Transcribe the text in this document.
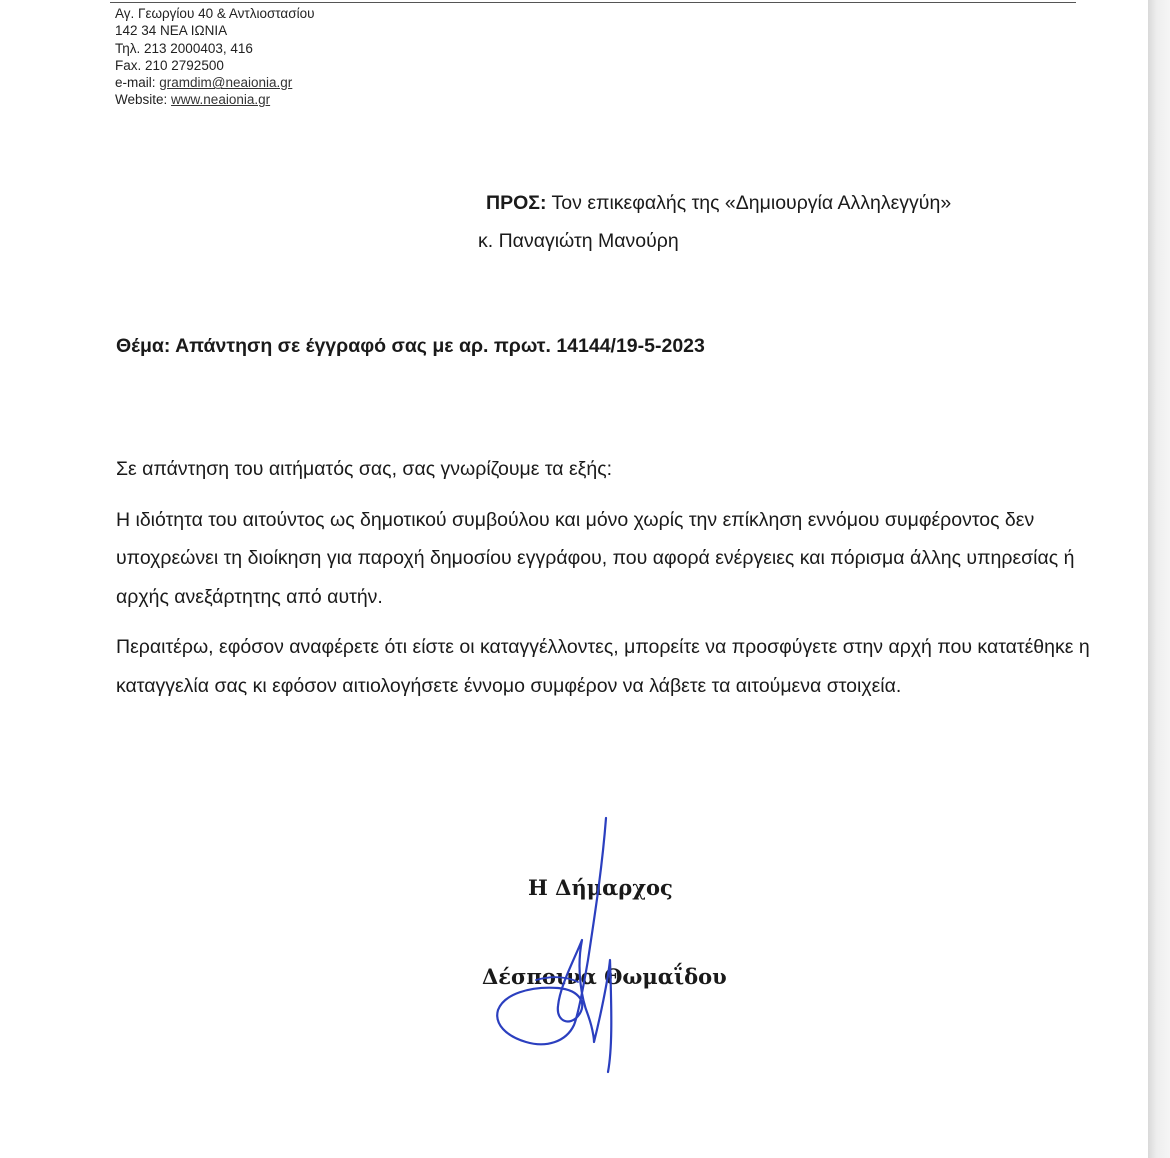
Αγ. Γεωργίου 40 & Αντλιοστασίου
142 34 ΝΕΑ ΙΩΝΙΑ
Τηλ. 213 2000403, 416
Fax. 210 2792500
e-mail: gramdim@neaionia.gr
Website: www.neaionia.gr
ΠΡΟΣ: Τον επικεφαλής της «Δημιουργία Αλληλεγγύη»
κ. Παναγιώτη Μανούρη
Θέμα: Απάντηση σε έγγραφό σας με αρ. πρωτ. 14144/19-5-2023

Σε απάντηση του αιτήματός σας, σας γνωρίζουμε τα εξής:

Η ιδιότητα του αιτούντος ως δημοτικού συμβούλου και μόνο χωρίς την επίκληση εννόμου συμφέροντος δεν υποχρεώνει τη διοίκηση για παροχή δημοσίου εγγράφου, που αφορά ενέργειες και πόρισμα άλλης υπηρεσίας ή αρχής ανεξάρτητης από αυτήν.

Περαιτέρω, εφόσον αναφέρετε ότι είστε οι καταγγέλλοντες, μπορείτε να προσφύγετε στην αρχή που κατατέθηκε η καταγγελία σας κι εφόσον αιτιολογήσετε έννομο συμφέρον να λάβετε τα αιτούμενα στοιχεία.

Η Δήμαρχος
Δέσποινα Θωμαΐδου
